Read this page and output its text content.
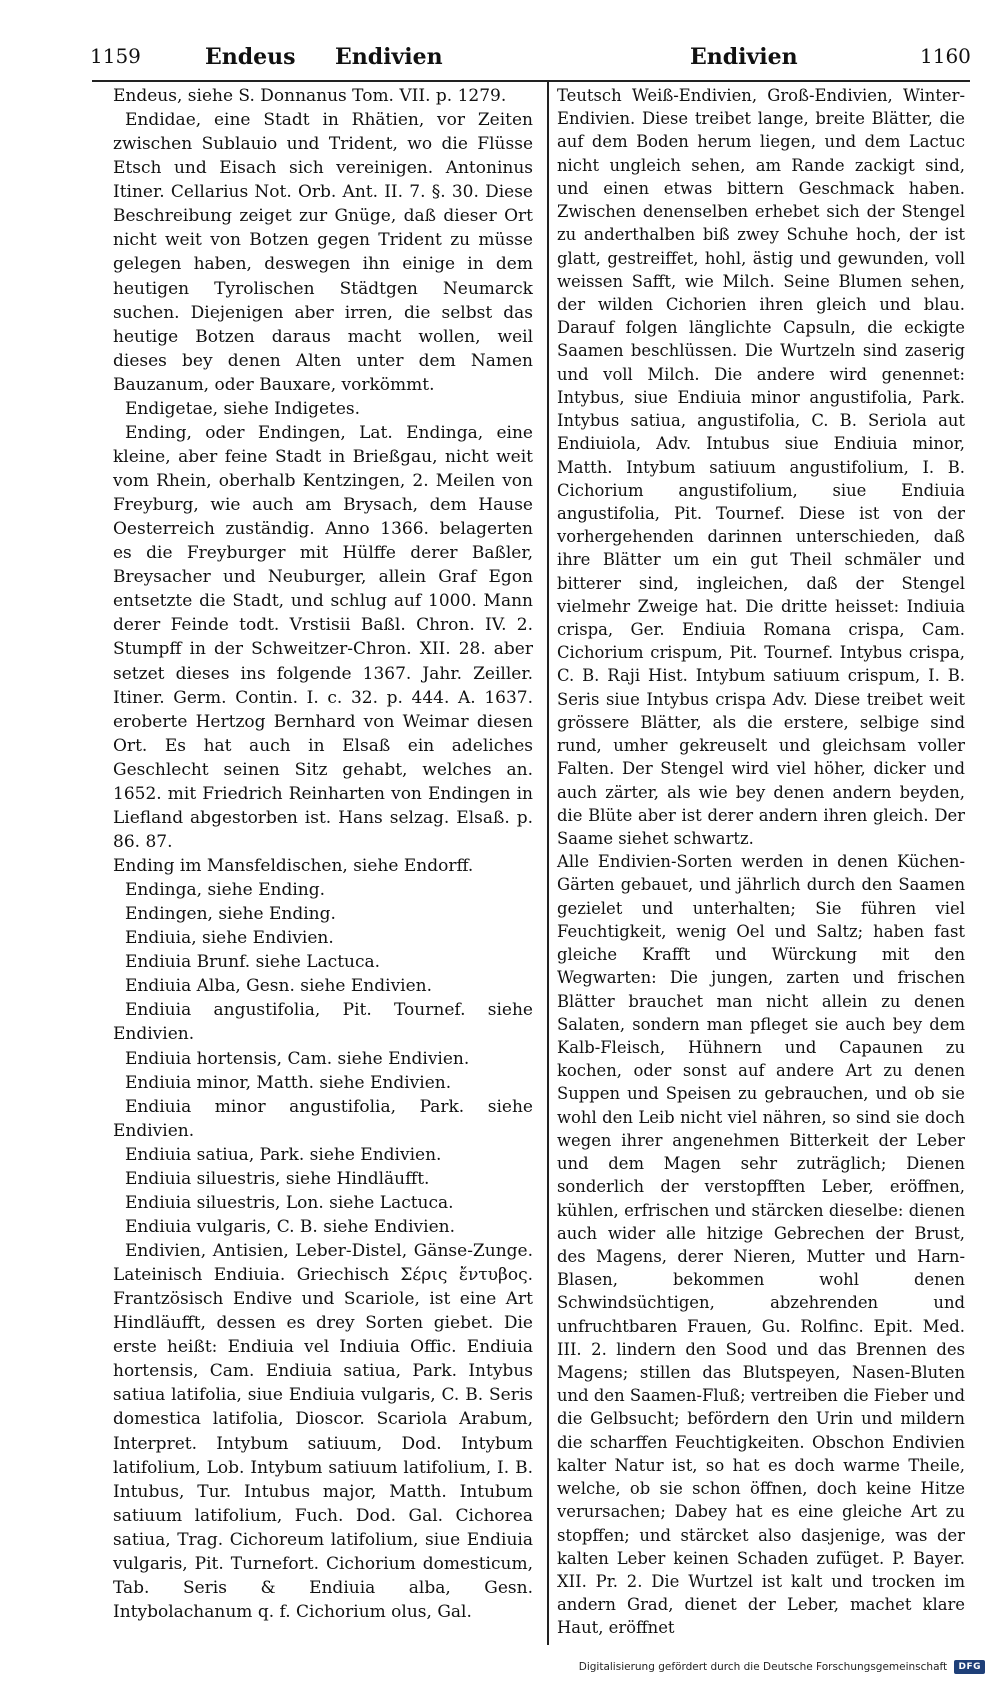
1159	Endeus Endivien	Endivien	1160

Endeus, siehe S. Donnanus Tom. VII. p. 1279.

Endidae, eine Stadt in Rhätien, vor Zeiten zwischen Sublauio und Trident, wo die Flüsse Etsch und Eisach sich vereinigen. Antoninus Itiner. Cellarius Not. Orb. Ant. II. 7. §. 30. Diese Beschreibung zeiget zur Gnüge, daß dieser Ort nicht weit von Botzen gegen Trident zu müsse gelegen haben, deswegen ihn einige in dem heutigen Tyrolischen Städtgen Neumarck suchen. Diejenigen aber irren, die selbst das heutige Botzen daraus macht wollen, weil dieses bey denen Alten unter dem Namen Bauzanum, oder Bauxare, vorkömmt.

Endigetae, siehe Indigetes.

Ending, oder Endingen, Lat. Endinga, eine kleine, aber feine Stadt in Brießgau, nicht weit vom Rhein, oberhalb Kentzingen, 2. Meilen von Freyburg, wie auch am Brysach, dem Hause Oesterreich zuständig. Anno 1366. belagerten es die Freyburger mit Hülffe derer Baßler, Breysacher und Neuburger, allein Graf Egon entsetzte die Stadt, und schlug auf 1000. Mann derer Feinde todt. Vrstisii Baßl. Chron. IV. 2. Stumpff in der Schweitzer-Chron. XII. 28. aber setzet dieses ins folgende 1367. Jahr. Zeiller. Itiner. Germ. Contin. I. c. 32. p. 444. A. 1637. eroberte Hertzog Bernhard von Weimar diesen Ort. Es hat auch in Elsaß ein adeliches Geschlecht seinen Sitz gehabt, welches an. 1652. mit Friedrich Reinharten von Endingen in Liefland abgestorben ist. Hans selzag. Elsaß. p. 86. 87.

Ending im Mansfeldischen, siehe Endorff.

Endinga, siehe Ending.

Endingen, siehe Ending.

Endiuia, siehe Endivien.

Endiuia Brunf. siehe Lactuca.

Endiuia Alba, Gesn. siehe Endivien.

Endiuia angustifolia, Pit. Tournef. siehe Endivien.

Endiuia hortensis, Cam. siehe Endivien.

Endiuia minor, Matth. siehe Endivien.

Endiuia minor angustifolia, Park. siehe Endivien.

Endiuia satiua, Park. siehe Endivien.

Endiuia siluestris, siehe Hindläufft.

Endiuia siluestris, Lon. siehe Lactuca.

Endiuia vulgaris, C. B. siehe Endivien.

Endivien, Antisien, Leber-Distel, Gänse-Zunge. Lateinisch Endiuia. Griechisch Σέρις ἔντυβος. Frantzösisch Endive und Scariole, ist eine Art Hindläufft, dessen es drey Sorten giebet. Die erste heißt: Endiuia vel Indiuia Offic. Endiuia hortensis, Cam. Endiuia satiua, Park. Intybus satiua latifolia, siue Endiuia vulgaris, C. B. Seris domestica latifolia, Dioscor. Scariola Arabum, Interpret. Intybum satiuum, Dod. Intybum latifolium, Lob. Intybum satiuum latifolium, I. B. Intubus, Tur. Intubus major, Matth. Intubum satiuum latifolium, Fuch. Dod. Gal. Cichorea satiua, Trag. Cichoreum latifolium, siue Endiuia vulgaris, Pit. Turnefort. Cichorium domesticum, Tab. Seris & Endiuia alba, Gesn. Intybolachanum q. f. Cichorium olus, Gal.

Teutsch Weiß-Endivien, Groß-Endivien, Winter-Endivien. Diese treibet lange, breite Blätter, die auf dem Boden herum liegen, und dem Lactuc nicht ungleich sehen, am Rande zackigt sind, und einen etwas bittern Geschmack haben. Zwischen denenselben erhebet sich der Stengel zu anderthalben biß zwey Schuhe hoch, der ist glatt, gestreiffet, hohl, ästig und gewunden, voll weissen Safft, wie Milch. Seine Blumen sehen, der wilden Cichorien ihren gleich und blau. Darauf folgen länglichte Capsuln, die eckigte Saamen beschlüssen. Die Wurtzeln sind zaserig und voll Milch. Die andere wird genennet: Intybus, siue Endiuia minor angustifolia, Park. Intybus satiua, angustifolia, C. B. Seriola aut Endiuiola, Adv. Intubus siue Endiuia minor, Matth. Intybum satiuum angustifolium, I. B. Cichorium angustifolium, siue Endiuia angustifolia, Pit. Tournef. Diese ist von der vorhergehenden darinnen unterschieden, daß ihre Blätter um ein gut Theil schmäler und bitterer sind, ingleichen, daß der Stengel vielmehr Zweige hat. Die dritte heisset: Indiuia crispa, Ger. Endiuia Romana crispa, Cam. Cichorium crispum, Pit. Tournef. Intybus crispa, C. B. Raji Hist. Intybum satiuum crispum, I. B. Seris siue Intybus crispa Adv. Diese treibet weit grössere Blätter, als die erstere, selbige sind rund, umher gekreuselt und gleichsam voller Falten. Der Stengel wird viel höher, dicker und auch zärter, als wie bey denen andern beyden, die Blüte aber ist derer andern ihren gleich. Der Saame siehet schwartz.

Alle Endivien-Sorten werden in denen Küchen-Gärten gebauet, und jährlich durch den Saamen gezielet und unterhalten; Sie führen viel Feuchtigkeit, wenig Oel und Saltz; haben fast gleiche Krafft und Würckung mit den Wegwarten: Die jungen, zarten und frischen Blätter brauchet man nicht allein zu denen Salaten, sondern man pfleget sie auch bey dem Kalb-Fleisch, Hühnern und Capaunen zu kochen, oder sonst auf andere Art zu denen Suppen und Speisen zu gebrauchen, und ob sie wohl den Leib nicht viel nähren, so sind sie doch wegen ihrer angenehmen Bitterkeit der Leber und dem Magen sehr zuträglich; Dienen sonderlich der verstopfften Leber, eröffnen, kühlen, erfrischen und stärcken dieselbe: dienen auch wider alle hitzige Gebrechen der Brust, des Magens, derer Nieren, Mutter und Harn-Blasen, bekommen wohl denen Schwindsüchtigen, abzehrenden und unfruchtbaren Frauen, Gu. Rolfinc. Epit. Med. III. 2. lindern den Sood und das Brennen des Magens; stillen das Blutspeyen, Nasen-Bluten und den Saamen-Fluß; vertreiben die Fieber und die Gelbsucht; befördern den Urin und mildern die scharffen Feuchtigkeiten. Obschon Endivien kalter Natur ist, so hat es doch warme Theile, welche, ob sie schon öffnen, doch keine Hitze verursachen; Dabey hat es eine gleiche Art zu stopffen; und stärcket also dasjenige, was der kalten Leber keinen Schaden zufüget. P. Bayer. XII. Pr. 2. Die Wurtzel ist kalt und trocken im andern Grad, dienet der Leber, machet klare Haut, eröffnet

Digitalisierung gefördert durch die Deutsche Forschungsgemeinschaft DFG
